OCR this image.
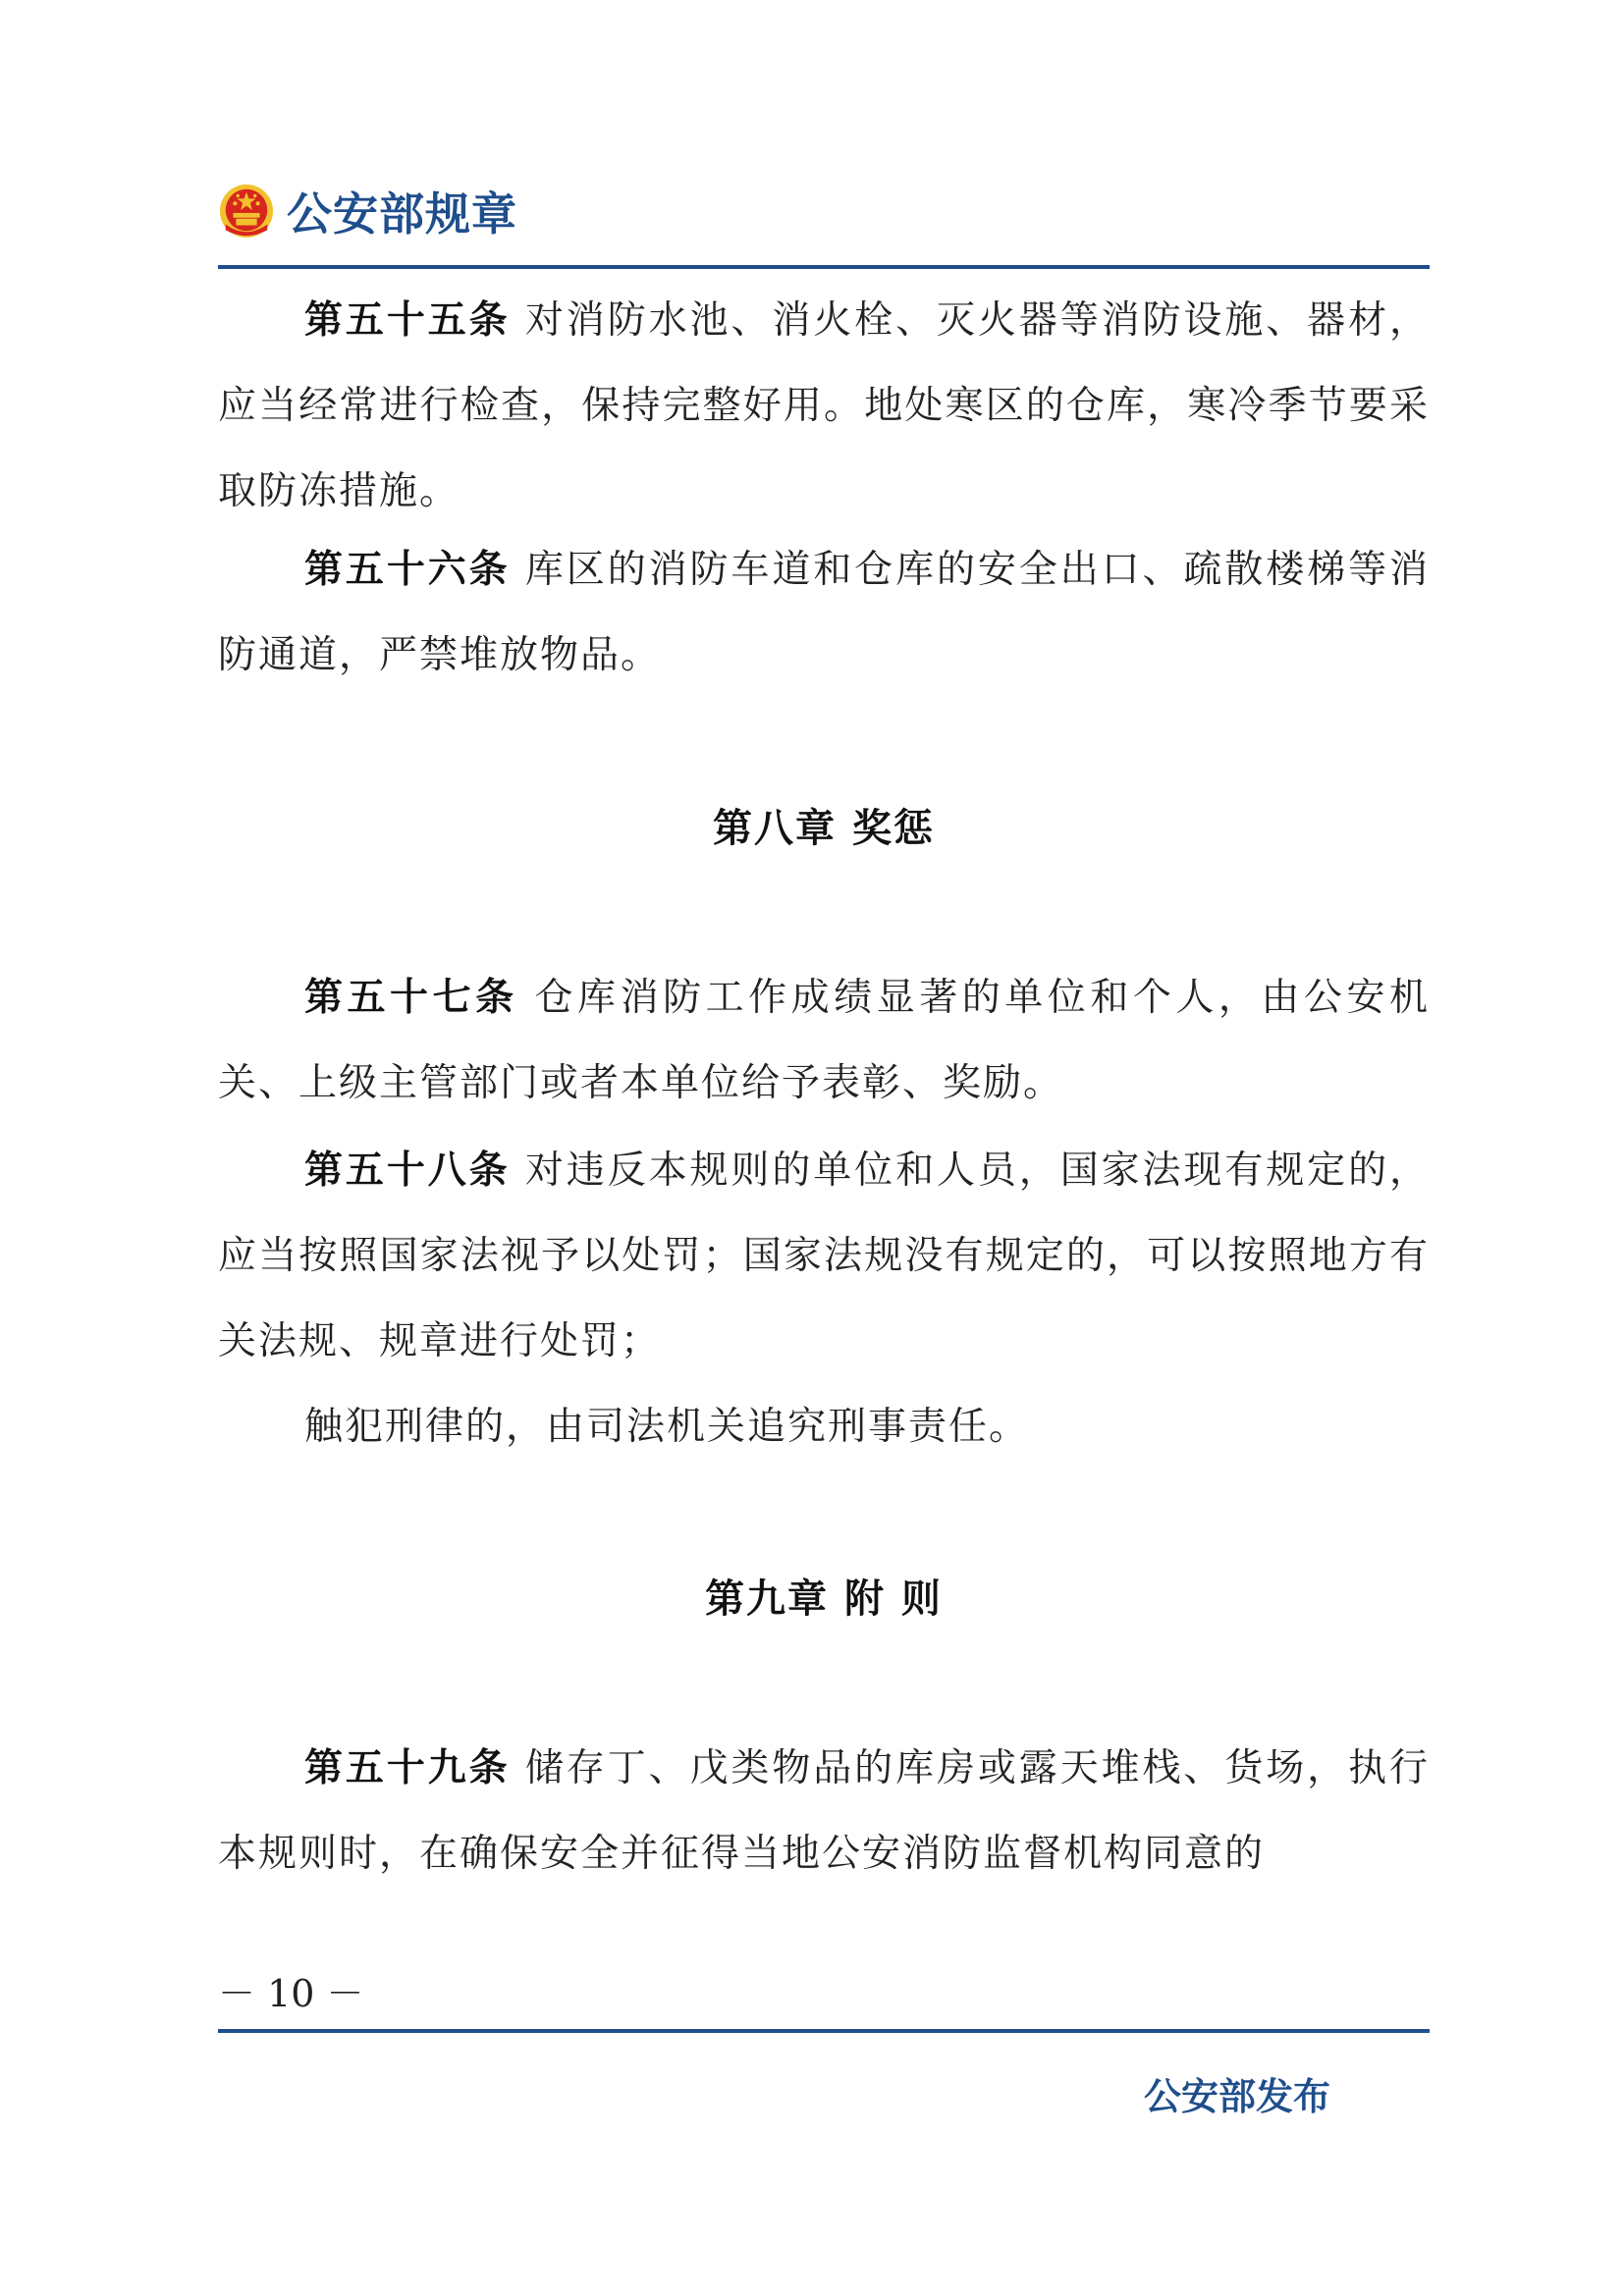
公安部规章

第五十五条 对消防水池、消火栓、灭火器等消防设施、器材，应当经常进行检查，保持完整好用。地处寒区的仓库，寒冷季节要采取防冻措施。

第五十六条 库区的消防车道和仓库的安全出口、疏散楼梯等消防通道，严禁堆放物品。

第八章 奖惩

第五十七条 仓库消防工作成绩显著的单位和个人，由公安机关、上级主管部门或者本单位给予表彰、奖励。

第五十八条 对违反本规则的单位和人员，国家法现有规定的，应当按照国家法视予以处罚；国家法规没有规定的，可以按照地方有关法规、规章进行处罚；

触犯刑律的，由司法机关追究刑事责任。

第九章 附 则

第五十九条 储存丁、戊类物品的库房或露天堆栈、货场，执行本规则时，在确保安全并征得当地公安消防监督机构同意的

－ 10 －
公安部发布
